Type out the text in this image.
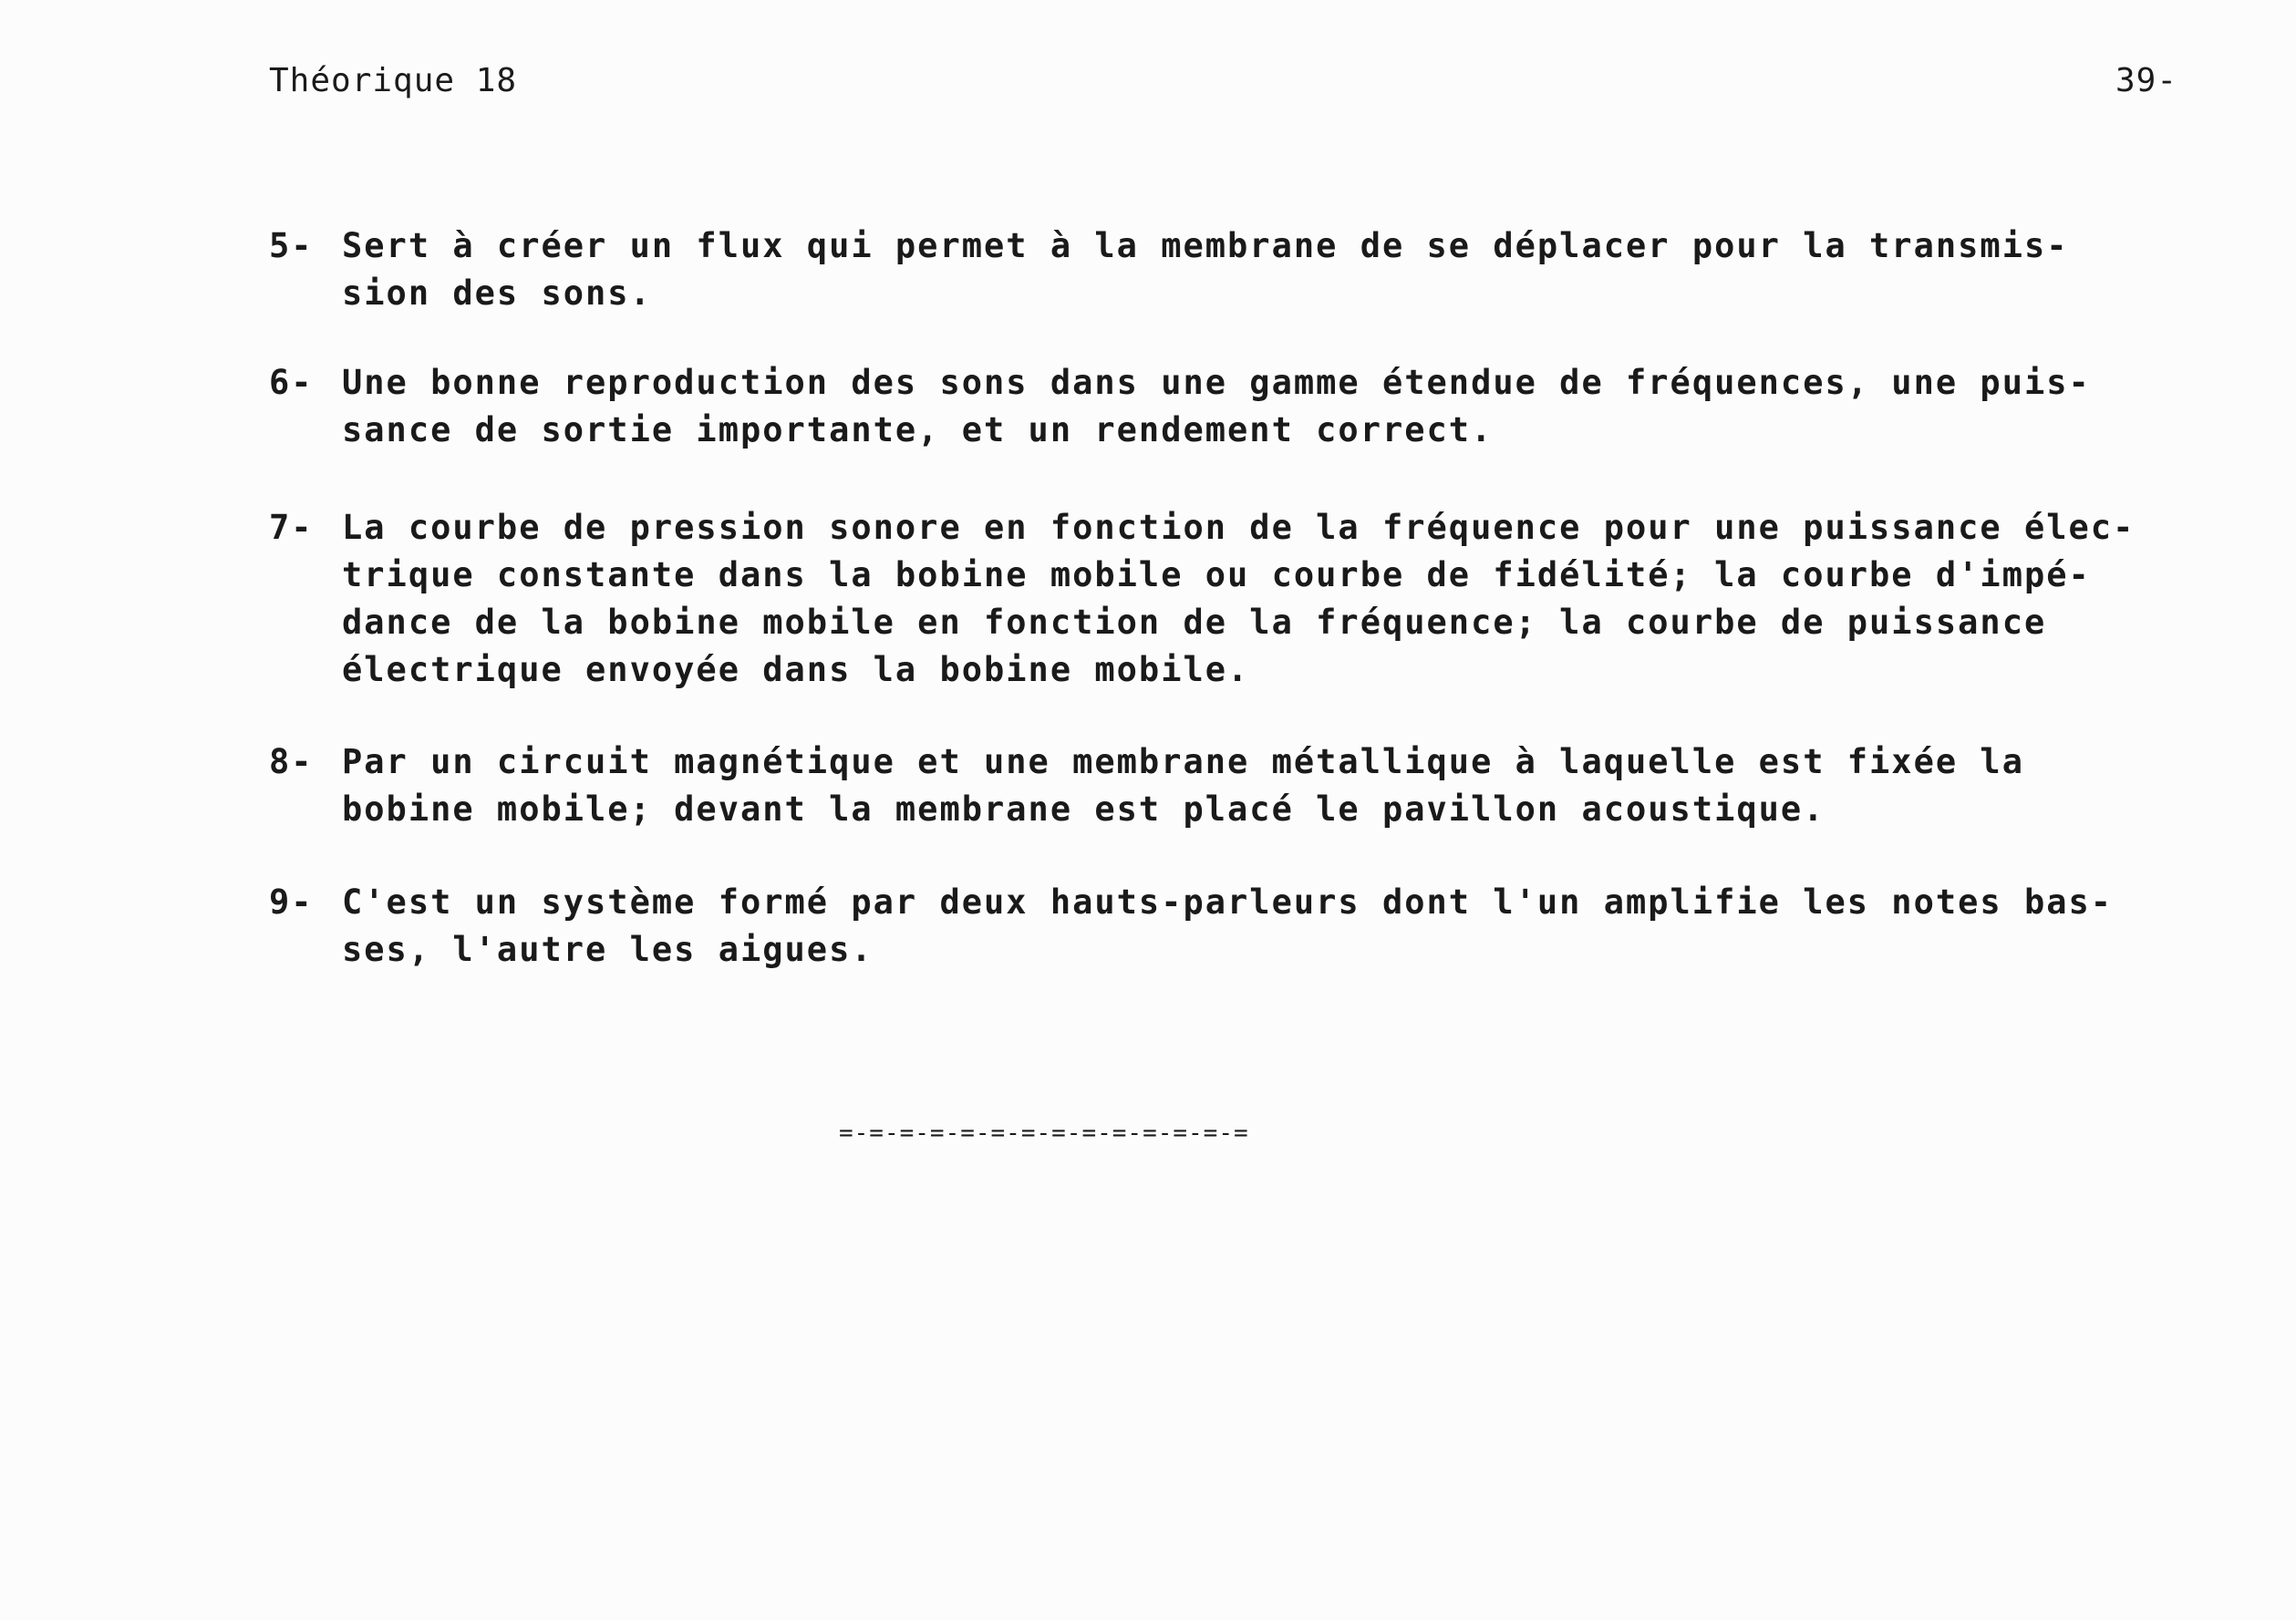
Théorique 18	39-
5- Sert à créer un flux qui permet à la membrane de se déplacer pour la transmis-
sion des sons.
6- Une bonne reproduction des sons dans une gamme étendue de fréquences, une puis-
sance de sortie importante, et un rendement correct.
7- La courbe de pression sonore en fonction de la fréquence pour une puissance élec-
trique constante dans la bobine mobile ou courbe de fidélité; la courbe d'impé-
dance de la bobine mobile en fonction de la fréquence; la courbe de puissance
électrique envoyée dans la bobine mobile.
8- Par un circuit magnétique et une membrane métallique à laquelle est fixée la
bobine mobile; devant la membrane est placé le pavillon acoustique.
9- C'est un système formé par deux hauts-parleurs dont l'un amplifie les notes bas-
ses, l'autre les aigues.
=-=-=-=-=-=-=-=-=-=-=-=-=-=
